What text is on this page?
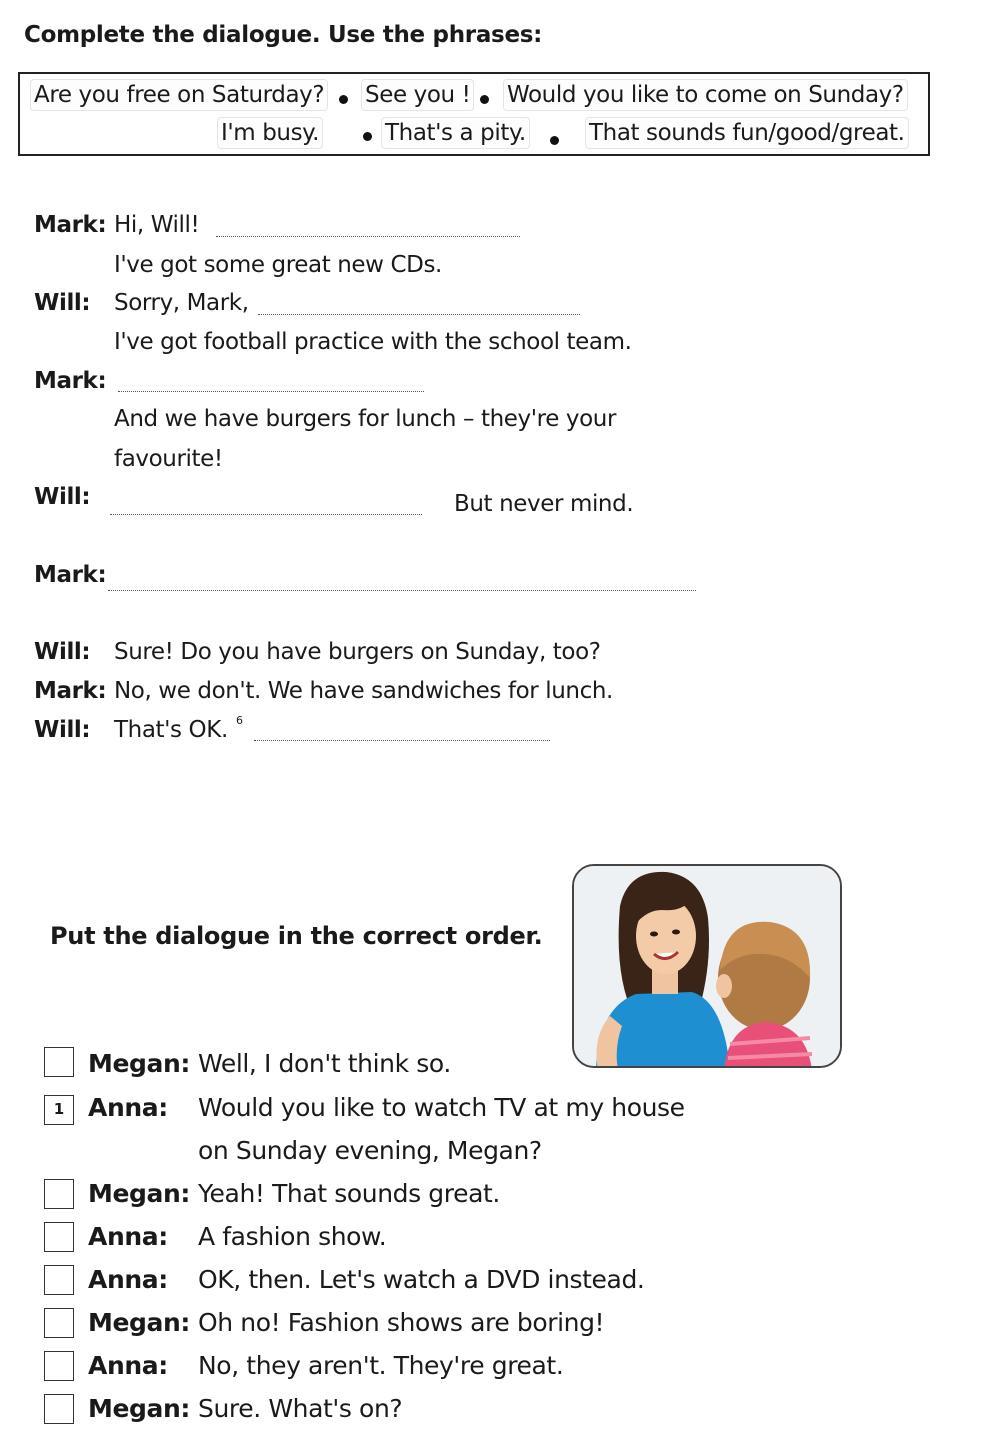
Complete the dialogue. Use the phrases:
Are you free on Saturday? See you ! Would you like to come on Sunday?
I'm busy.	That's a pity.	That sounds fun/good/great.
Mark: Hi, Will!
I've got some great new CDs.
Will: Sorry, Mark,
I've got football practice with the school team.
Mark:
And we have burgers for lunch – they're your
favourite!
Will:	But never mind.
Mark:
Will: Sure! Do you have burgers on Sunday, too?
Mark: No, we don't. We have sandwiches for lunch.
Will: That's OK. 6
Put the dialogue in the correct order.
Megan: Well, I don't think so.
1 Anna: Would you like to watch TV at my house
on Sunday evening, Megan?
Megan: Yeah! That sounds great.
Anna: A fashion show.
Anna: OK, then. Let's watch a DVD instead.
Megan: Oh no! Fashion shows are boring!
Anna: No, they aren't. They're great.
Megan: Sure. What's on?
